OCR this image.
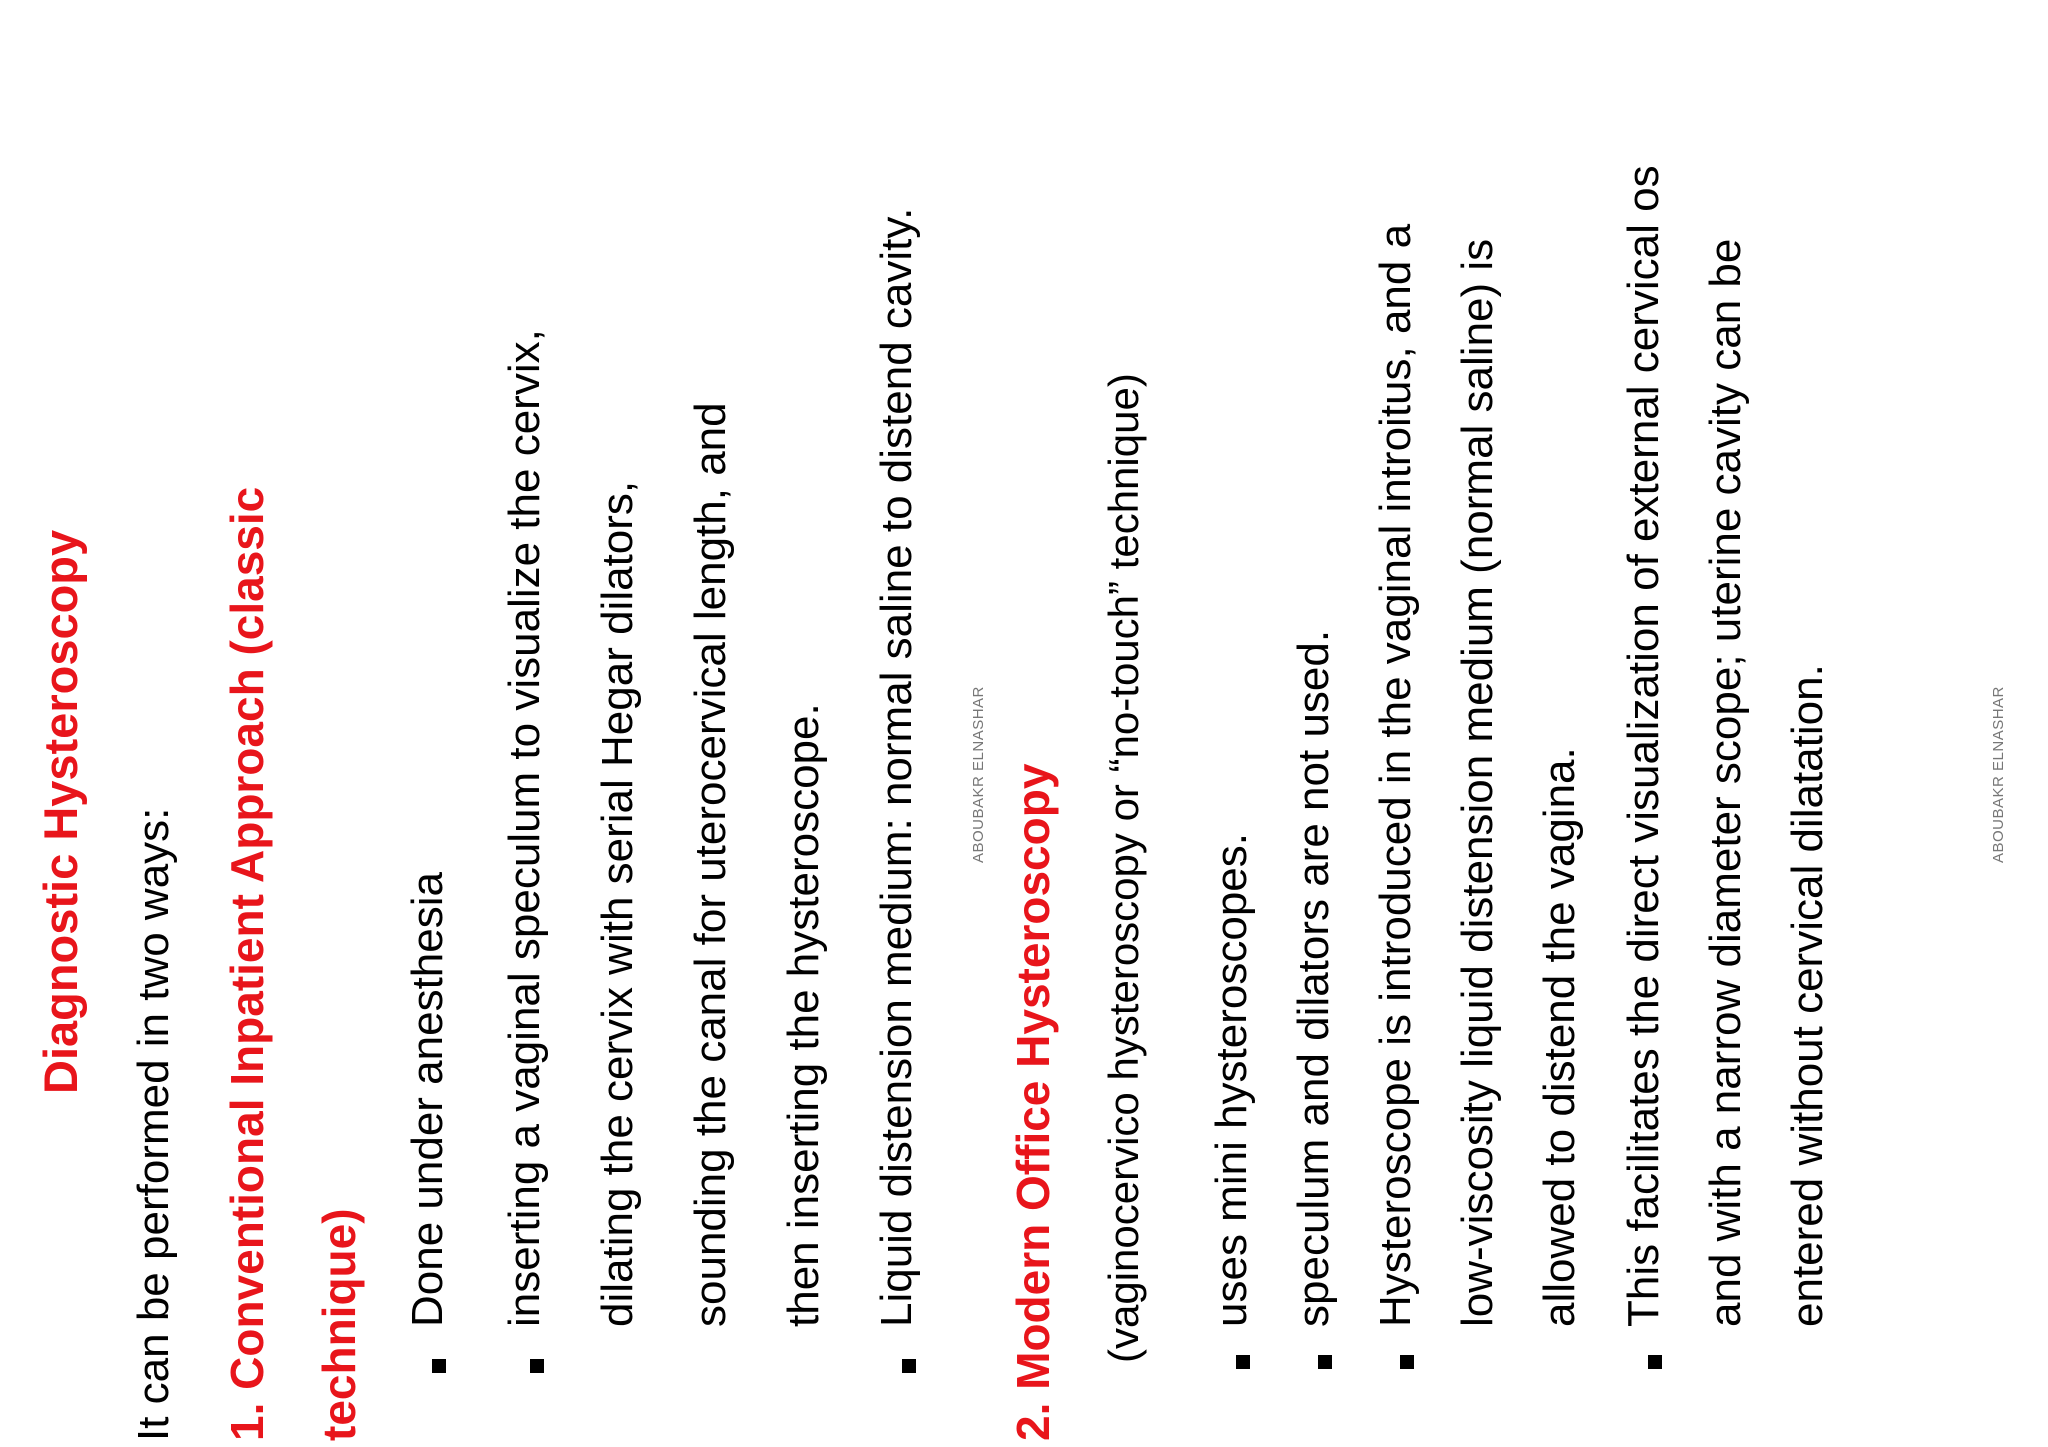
Diagnostic Hysteroscopy It can be performed in two ways: 1. Conventional Inpatient Approach (classic technique) Done under anesthesia inserting a vaginal speculum to visualize the cervix, dilating the cervix with serial Hegar dilators, sounding the canal for uterocervical length, and then inserting the hysteroscope. Liquid distension medium: normal saline to distend cavity.	ABOUBAKR ELNASHAR 2. Modern Office Hysteroscopy (vaginocervico hysteroscopy or “no-touch” technique) uses mini hysteroscopes. speculum and dilators are not used. Hysteroscope is introduced in the vaginal introitus, and a low-viscosity liquid distension medium (normal saline) is allowed to distend the vagina. This facilitates the direct visualization of external cervical os and with a narrow diameter scope; uterine cavity can be entered without cervical dilatation.	ABOUBAKR ELNASHAR
